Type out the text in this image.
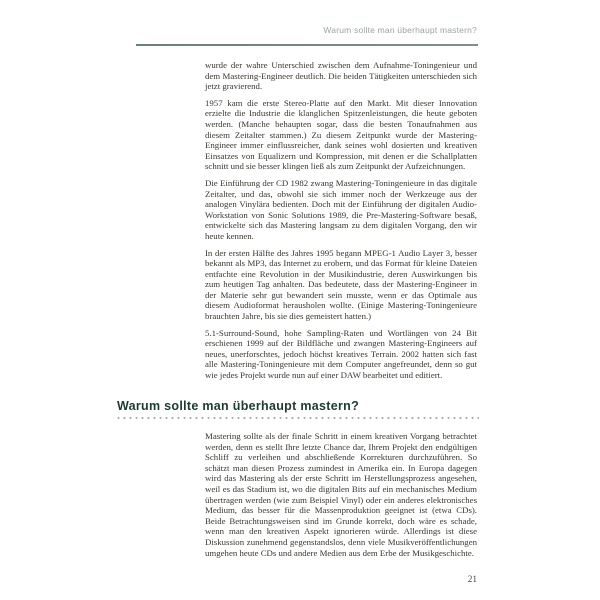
Warum sollte man überhaupt mastern?

wurde der wahre Unterschied zwischen dem Aufnahme-Toningenieur und dem Mastering-Engineer deutlich. Die beiden Tätigkeiten unterschieden sich jetzt gravierend.

1957 kam die erste Stereo-Platte auf den Markt. Mit dieser Innovation erzielte die Industrie die klanglichen Spitzenleistungen, die heute geboten werden. (Manche behaupten sogar, dass die besten Tonaufnahmen aus diesem Zeitalter stammen.) Zu diesem Zeitpunkt wurde der Mastering-Engineer immer einflussreicher, dank seines wohl dosierten und kreativen Einsatzes von Equalizern und Kompression, mit denen er die Schallplatten schnitt und sie besser klingen ließ als zum Zeitpunkt der Aufzeichnungen.

Die Einführung der CD 1982 zwang Mastering-Toningenieure in das digitale Zeitalter, und das, obwohl sie sich immer noch der Werkzeuge aus der analogen Vinylära bedienten. Doch mit der Einführung der digitalen Audio-Workstation von Sonic Solutions 1989, die Pre-Mastering-Software besaß, entwickelte sich das Mastering langsam zu dem digitalen Vorgang, den wir heute kennen.

In der ersten Hälfte des Jahres 1995 begann MPEG-1 Audio Layer 3, besser bekannt als MP3, das Internet zu erobern, und das Format für kleine Dateien entfachte eine Revolution in der Musikindustrie, deren Auswirkungen bis zum heutigen Tag anhalten. Das bedeutete, dass der Mastering-Engineer in der Materie sehr gut bewandert sein musste, wenn er das Optimale aus diesem Audioformat herausholen wollte. (Einige Mastering-Toningenieure brauchten Jahre, bis sie dies gemeistert hatten.)

5.1-Surround-Sound, hohe Sampling-Raten und Wortlängen von 24 Bit erschienen 1999 auf der Bildfläche und zwangen Mastering-Engineers auf neues, unerforschtes, jedoch höchst kreatives Terrain. 2002 hatten sich fast alle Mastering-Toningenieure mit dem Computer angefreundet, denn so gut wie jedes Projekt wurde nun auf einer DAW bearbeitet und editiert.

Warum sollte man überhaupt mastern?

Mastering sollte als der finale Schritt in einem kreativen Vorgang betrachtet werden, denn es stellt Ihre letzte Chance dar, Ihrem Projekt den endgültigen Schliff zu verleihen und abschließende Korrekturen durchzuführen. So schätzt man diesen Prozess zumindest in Amerika ein. In Europa dagegen wird das Mastering als der erste Schritt im Herstellungsprozess angesehen, weil es das Stadium ist, wo die digitalen Bits auf ein mechanisches Medium übertragen werden (wie zum Beispiel Vinyl) oder ein anderes elektronisches Medium, das besser für die Massenproduktion geeignet ist (etwa CDs). Beide Betrachtungsweisen sind im Grunde korrekt, doch wäre es schade, wenn man den kreativen Aspekt ignorieren würde. Allerdings ist diese Diskussion zunehmend gegenstandslos, denn viele Musikveröffentlichungen umgehen heute CDs und andere Medien aus dem Erbe der Musikgeschichte.

21
